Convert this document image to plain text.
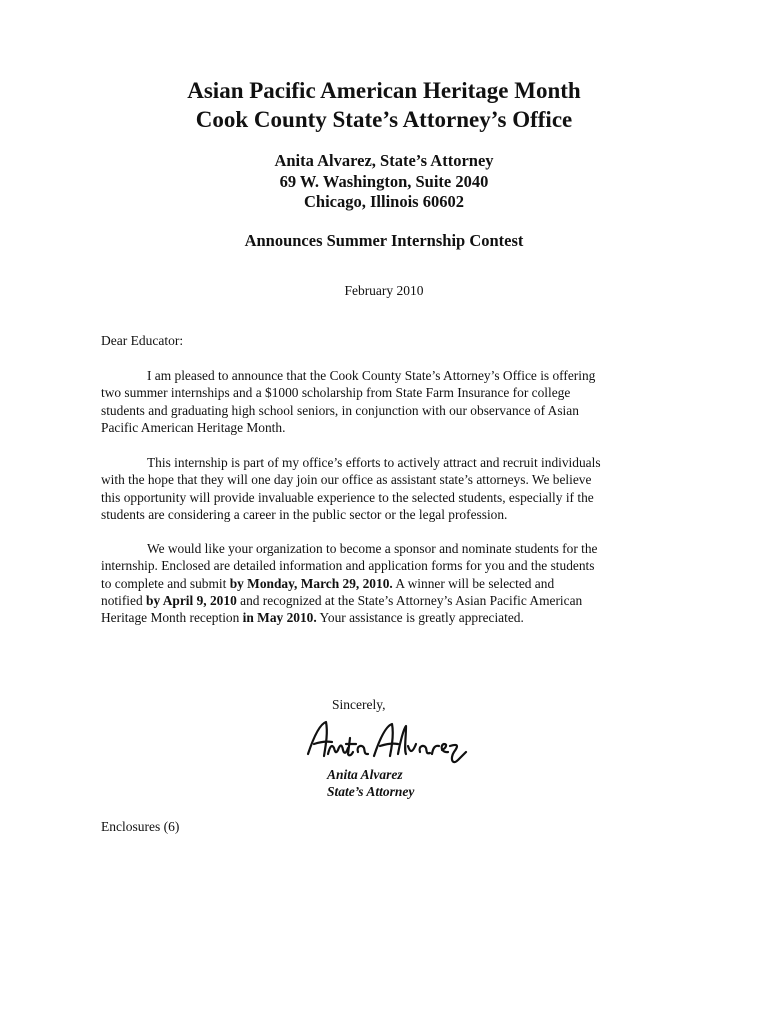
Asian Pacific American Heritage Month
Cook County State’s Attorney’s Office
Anita Alvarez, State’s Attorney
69 W. Washington, Suite 2040
Chicago, Illinois 60602
Announces Summer Internship Contest
February 2010
Dear Educator:
I am pleased to announce that the Cook County State’s Attorney’s Office is offering
two summer internships and a $1000 scholarship from State Farm Insurance for college
students and graduating high school seniors, in conjunction with our observance of Asian
Pacific American Heritage Month.
This internship is part of my office’s efforts to actively attract and recruit individuals
with the hope that they will one day join our office as assistant state’s attorneys. We believe
this opportunity will provide invaluable experience to the selected students, especially if the
students are considering a career in the public sector or the legal profession.
We would like your organization to become a sponsor and nominate students for the
internship. Enclosed are detailed information and application forms for you and the students
to complete and submit by Monday, March 29, 2010. A winner will be selected and
notified by April 9, 2010 and recognized at the State’s Attorney’s Asian Pacific American
Heritage Month reception in May 2010. Your assistance is greatly appreciated.
Sincerely,
Anita Alvarez
State’s Attorney
Enclosures (6)
